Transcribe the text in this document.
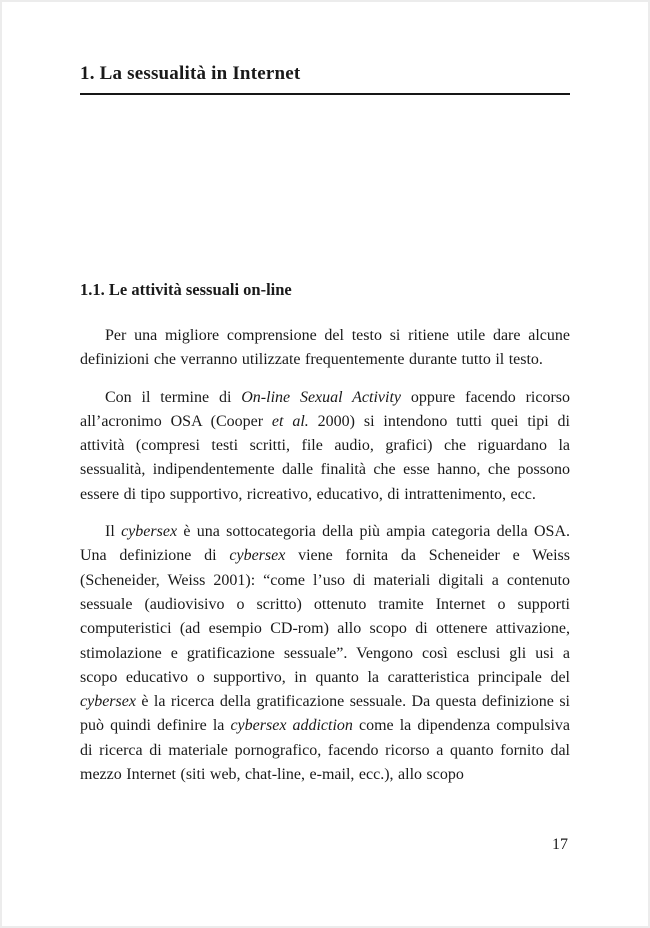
1. La sessualità in Internet
1.1. Le attività sessuali on-line

Per una migliore comprensione del testo si ritiene utile dare alcune definizioni che verranno utilizzate frequentemente durante tutto il testo.

Con il termine di On-line Sexual Activity oppure facendo ricorso all’acronimo OSA (Cooper et al. 2000) si intendono tutti quei tipi di attività (compresi testi scritti, file audio, grafici) che riguardano la sessualità, indipendentemente dalle finalità che esse hanno, che possono essere di tipo supportivo, ricreativo, educativo, di intrattenimento, ecc.

Il cybersex è una sottocategoria della più ampia categoria della OSA. Una definizione di cybersex viene fornita da Scheneider e Weiss (Scheneider, Weiss 2001): “come l’uso di materiali digitali a contenuto sessuale (audiovisivo o scritto) ottenuto tramite Internet o supporti computeristici (ad esempio CD-rom) allo scopo di ottenere attivazione, stimolazione e gratificazione sessuale”. Vengono così esclusi gli usi a scopo educativo o supportivo, in quanto la caratteristica principale del cybersex è la ricerca della gratificazione sessuale. Da questa definizione si può quindi definire la cybersex addiction come la dipendenza compulsiva di ricerca di materiale pornografico, facendo ricorso a quanto fornito dal mezzo Internet (siti web, chat-line, e-mail, ecc.), allo scopo

17
